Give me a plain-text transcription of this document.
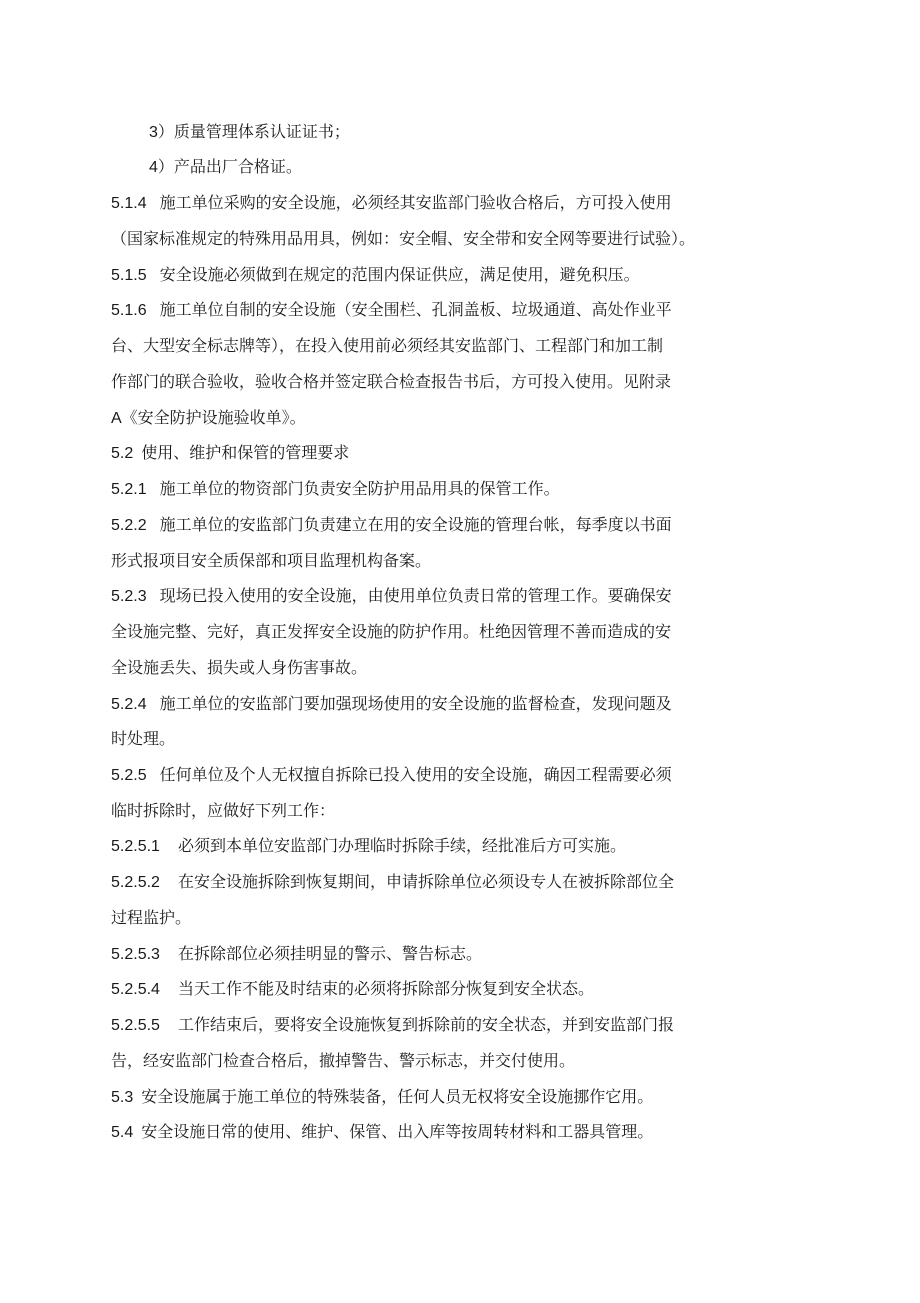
3）质量管理体系认证证书；
4）产品出厂合格证。
5.1.4 施工单位采购的安全设施，必须经其安监部门验收合格后，方可投入使用
（国家标准规定的特殊用品用具，例如：安全帽、安全带和安全网等要进行试验）。
5.1.5 安全设施必须做到在规定的范围内保证供应，满足使用，避免积压。
5.1.6 施工单位自制的安全设施（安全围栏、孔洞盖板、垃圾通道、高处作业平
台、大型安全标志牌等），在投入使用前必须经其安监部门、工程部门和加工制
作部门的联合验收，验收合格并签定联合检查报告书后，方可投入使用。见附录
A《安全防护设施验收单》。
5.2 使用、维护和保管的管理要求
5.2.1 施工单位的物资部门负责安全防护用品用具的保管工作。
5.2.2 施工单位的安监部门负责建立在用的安全设施的管理台帐，每季度以书面
形式报项目安全质保部和项目监理机构备案。
5.2.3 现场已投入使用的安全设施，由使用单位负责日常的管理工作。要确保安
全设施完整、完好，真正发挥安全设施的防护作用。杜绝因管理不善而造成的安
全设施丢失、损失或人身伤害事故。
5.2.4 施工单位的安监部门要加强现场使用的安全设施的监督检查，发现问题及
时处理。
5.2.5 任何单位及个人无权擅自拆除已投入使用的安全设施，确因工程需要必须
临时拆除时，应做好下列工作：
5.2.5.1 必须到本单位安监部门办理临时拆除手续，经批准后方可实施。
5.2.5.2 在安全设施拆除到恢复期间，申请拆除单位必须设专人在被拆除部位全
过程监护。
5.2.5.3 在拆除部位必须挂明显的警示、警告标志。
5.2.5.4 当天工作不能及时结束的必须将拆除部分恢复到安全状态。
5.2.5.5 工作结束后，要将安全设施恢复到拆除前的安全状态，并到安监部门报
告，经安监部门检查合格后，撤掉警告、警示标志，并交付使用。
5.3 安全设施属于施工单位的特殊装备，任何人员无权将安全设施挪作它用。
5.4 安全设施日常的使用、维护、保管、出入库等按周转材料和工器具管理。
